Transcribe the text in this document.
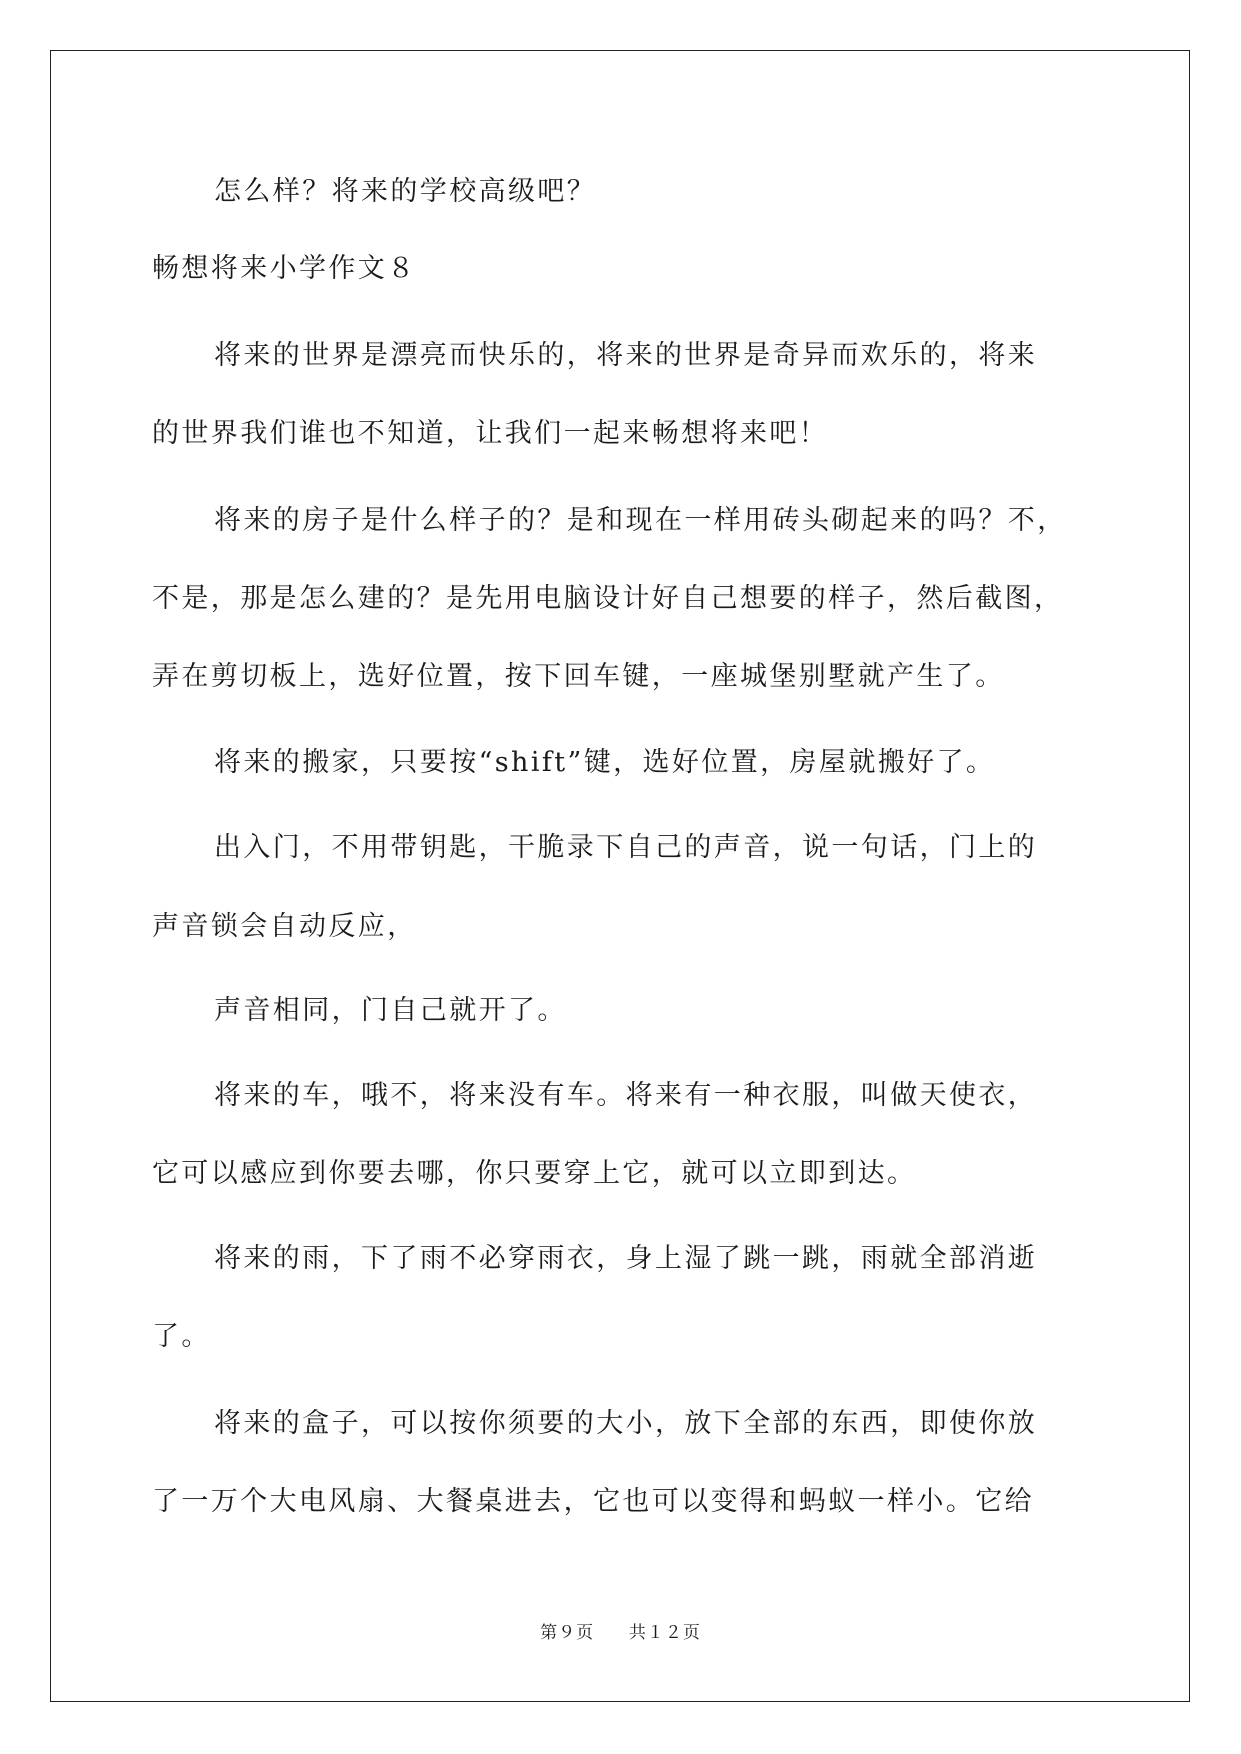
怎么样？将来的学校高级吧？
畅想将来小学作文８
将来的世界是漂亮而快乐的，将来的世界是奇异而欢乐的，将来
的世界我们谁也不知道，让我们一起来畅想将来吧！
将来的房子是什么样子的？是和现在一样用砖头砌起来的吗？不，
不是，那是怎么建的？是先用电脑设计好自己想要的样子，然后截图，
弄在剪切板上，选好位置，按下回车键，一座城堡别墅就产生了。
将来的搬家，只要按“shift”键，选好位置，房屋就搬好了。
出入门，不用带钥匙，干脆录下自己的声音，说一句话，门上的
声音锁会自动反应，
声音相同，门自己就开了。
将来的车，哦不，将来没有车。将来有一种衣服，叫做天使衣，
它可以感应到你要去哪，你只要穿上它，就可以立即到达。
将来的雨，下了雨不必穿雨衣，身上湿了跳一跳，雨就全部消逝
了。
将来的盒子，可以按你须要的大小，放下全部的东西，即使你放
了一万个大电风扇、大餐桌进去，它也可以变得和蚂蚁一样小。它给
第９页 共１２页
